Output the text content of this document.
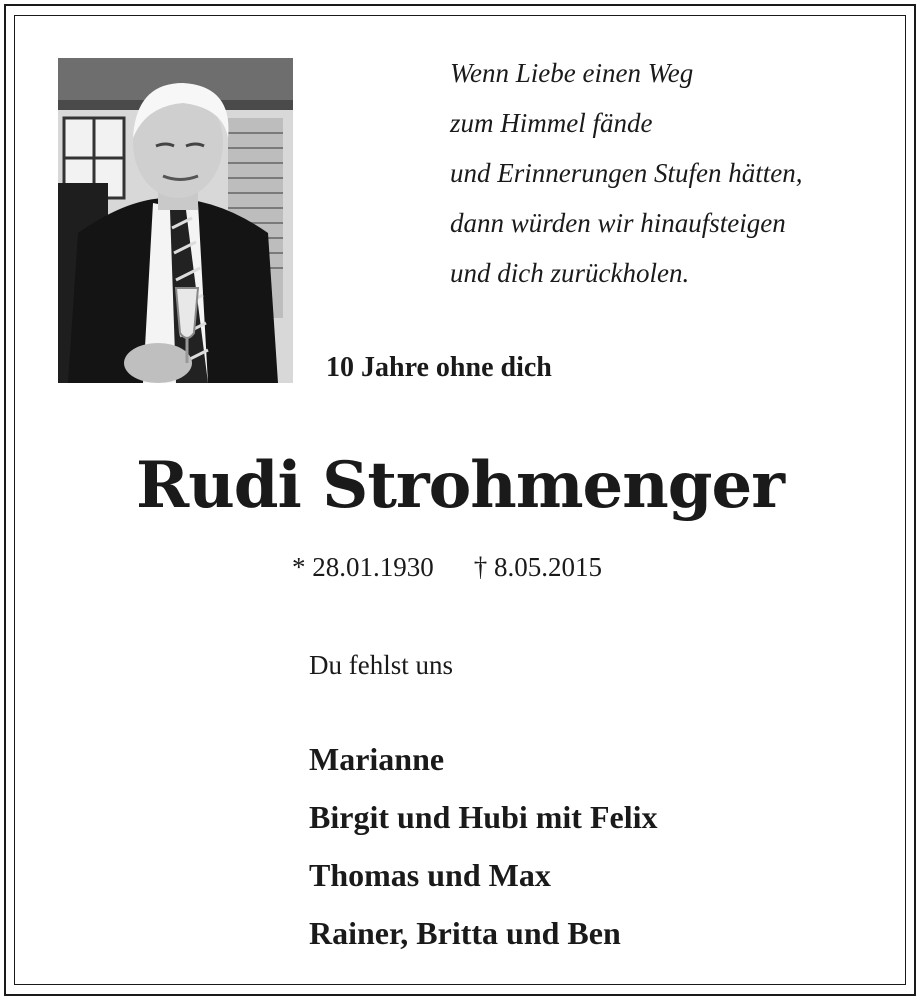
Wenn Liebe einen Weg
zum Himmel fände
und Erinnerungen Stufen hätten,
dann würden wir hinaufsteigen
und dich zurückholen.
10 Jahre ohne dich
Rudi Strohmenger
* 28.01.1930 † 8.05.2015
Du fehlst uns
Marianne
Birgit und Hubi mit Felix
Thomas und Max
Rainer, Britta und Ben
